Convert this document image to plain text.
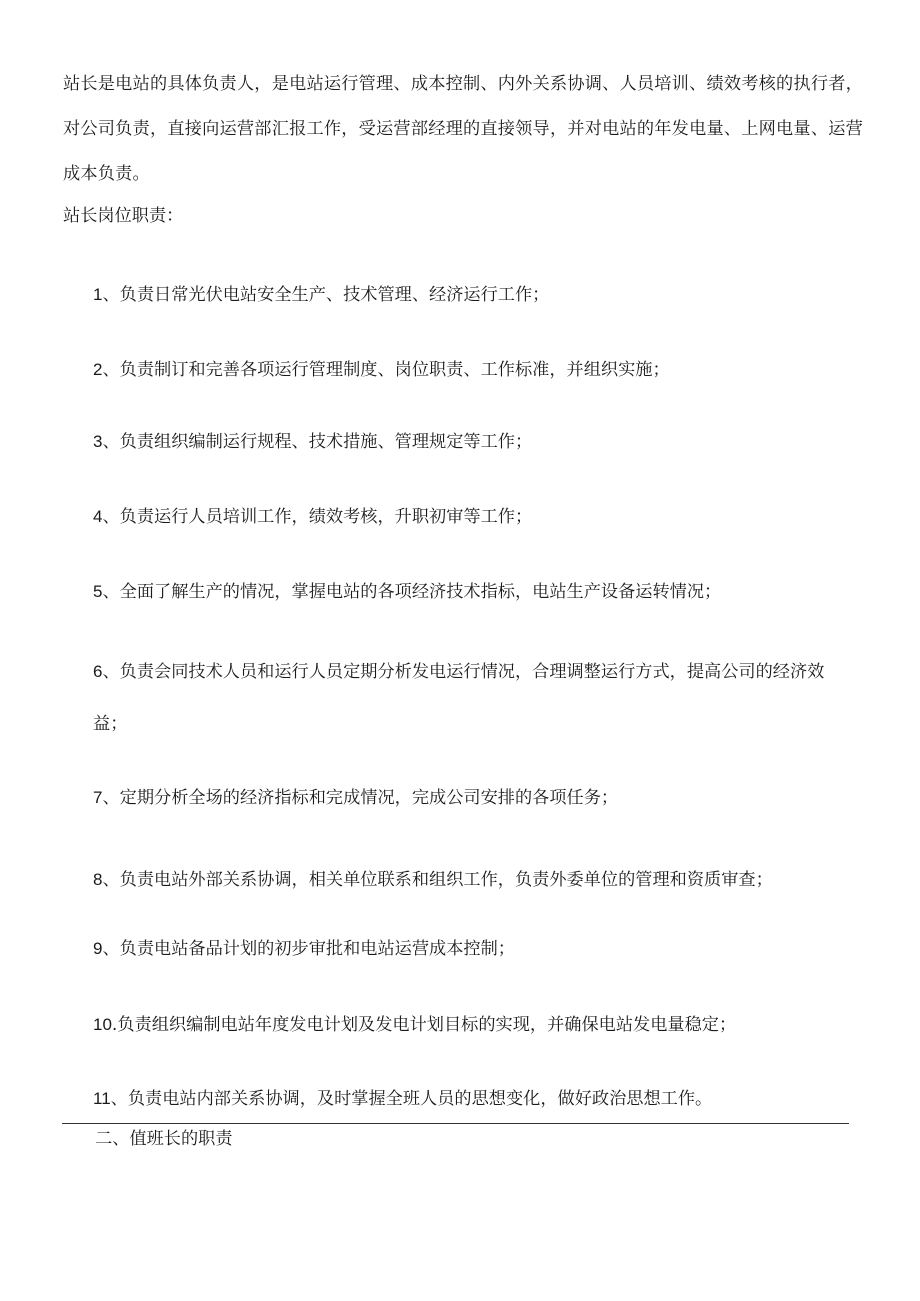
站长是电站的具体负责人，是电站运行管理、成本控制、内外关系协调、人员培训、绩效考核的执行者，对公司负责，直接向运营部汇报工作，受运营部经理的直接领导，并对电站的年发电量、上网电量、运营成本负责。

站长岗位职责：

1、负责日常光伏电站安全生产、技术管理、经济运行工作；

2、负责制订和完善各项运行管理制度、岗位职责、工作标准，并组织实施；

3、负责组织编制运行规程、技术措施、管理规定等工作；

4、负责运行人员培训工作，绩效考核，升职初审等工作；

5、全面了解生产的情况，掌握电站的各项经济技术指标，电站生产设备运转情况；

6、负责会同技术人员和运行人员定期分析发电运行情况，合理调整运行方式，提高公司的经济效益；

7、定期分析全场的经济指标和完成情况，完成公司安排的各项任务；

8、负责电站外部关系协调，相关单位联系和组织工作，负责外委单位的管理和资质审查；

9、负责电站备品计划的初步审批和电站运营成本控制；

10.负责组织编制电站年度发电计划及发电计划目标的实现，并确保电站发电量稳定；

11、负责电站内部关系协调，及时掌握全班人员的思想变化，做好政治思想工作。

二、值班长的职责
